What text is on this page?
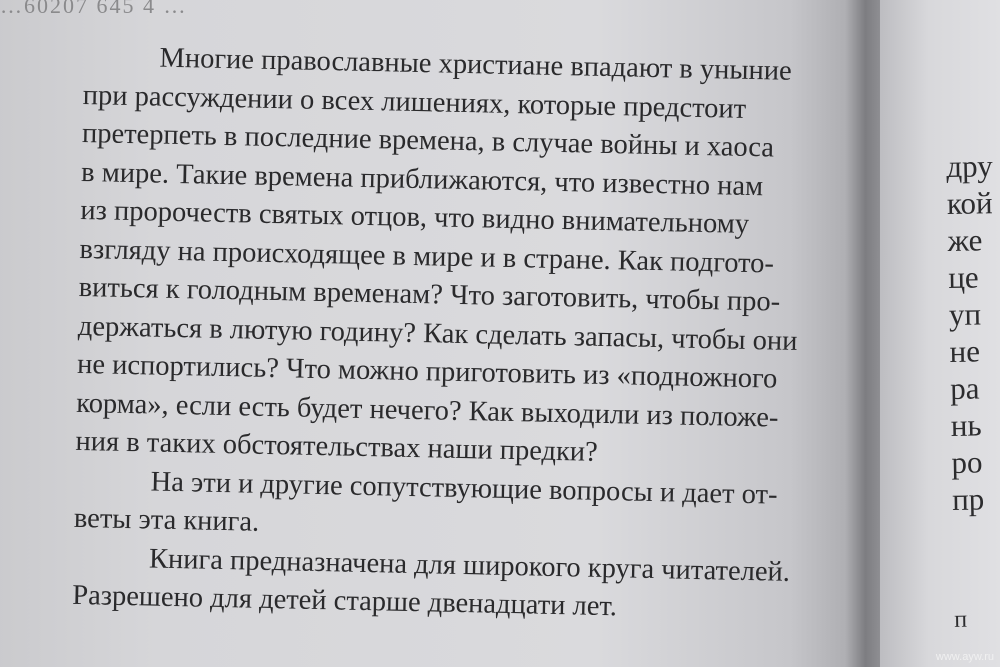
…60207 645 4 …

Многие православные христиане впадают в уныние
при рассуждении о всех лишениях, которые предстоит
претерпеть в последние времена, в случае войны и хаоса
в мире. Такие времена приближаются, что известно нам
из пророчеств святых отцов, что видно внимательному
взгляду на происходящее в мире и в стране. Как подгото-
виться к голодным временам? Что заготовить, чтобы про-
держаться в лютую годину? Как сделать запасы, чтобы они
не испортились? Что можно приготовить из «подножного
корма», если есть будет нечего? Как выходили из положе-
ния в таких обстоятельствах наши предки?

На эти и другие сопутствующие вопросы и дает от-
веты эта книга.

Книга предназначена для широкого круга читателей.
Разрешено для детей старше двенадцати лет.

дру
кой
же
це
уп
не
ра
нь
ро
пр
п
www.ayw.ru
